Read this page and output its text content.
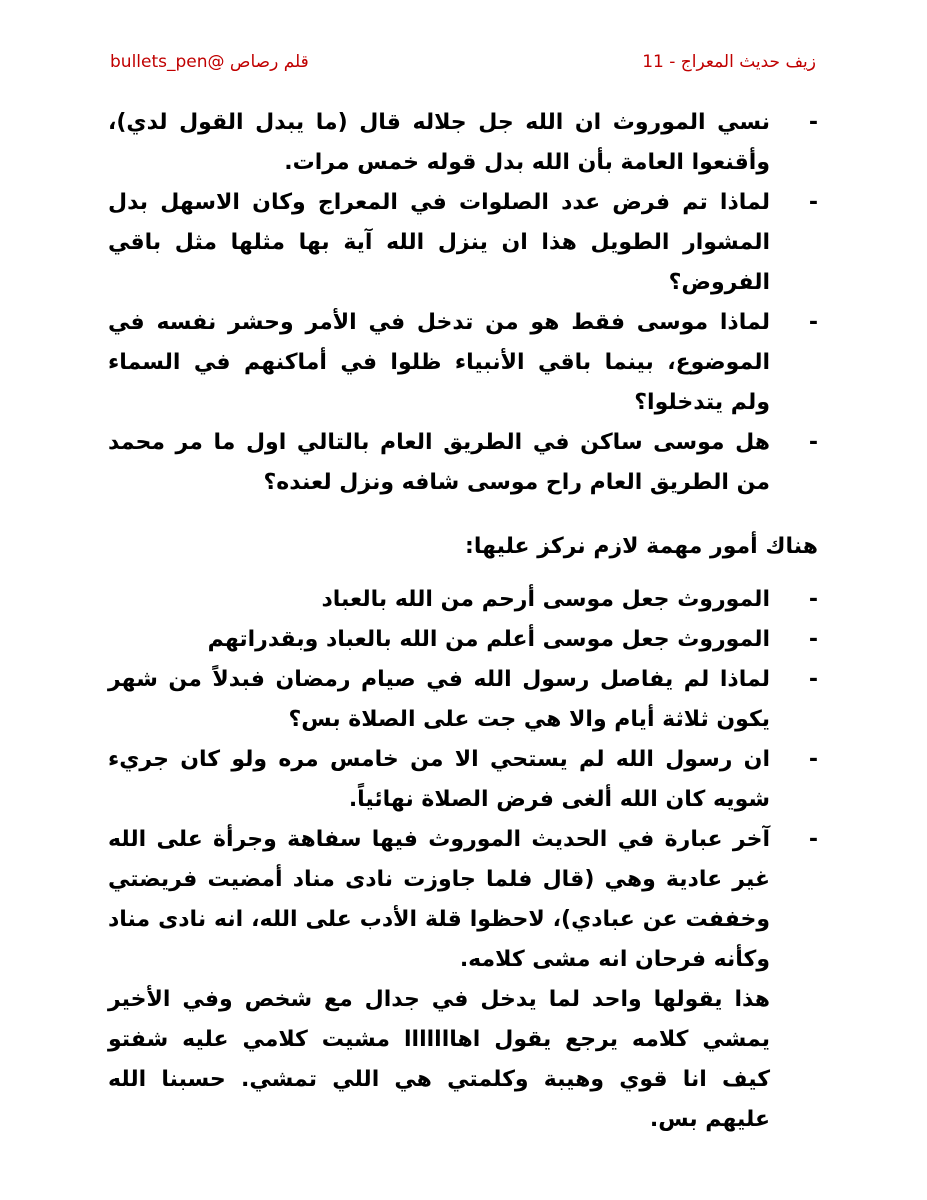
زيف حديث المعراج - 11
قلم رصاص @bullets_pen
-
نسي الموروث ان الله جل جلاله قال (ما يبدل القول لدي)، وأقنعوا العامة بأن الله بدل قوله خمس مرات.
-
لماذا تم فرض عدد الصلوات في المعراج وكان الاسهل بدل المشوار الطويل هذا ان ينزل الله آية بها مثلها مثل باقي الفروض؟
-
لماذا موسى فقط هو من تدخل في الأمر وحشر نفسه في الموضوع، بينما باقي الأنبياء ظلوا في أماكنهم في السماء ولم يتدخلوا؟
-
هل موسى ساكن في الطريق العام بالتالي اول ما مر محمد من الطريق العام راح موسى شافه ونزل لعنده؟
هناك أمور مهمة لازم نركز عليها:
-
الموروث جعل موسى أرحم من الله بالعباد
-
الموروث جعل موسى أعلم من الله بالعباد وبقدراتهم
-
لماذا لم يفاصل رسول الله في صيام رمضان فبدلاً من شهر يكون ثلاثة أيام والا هي جت على الصلاة بس؟
-
ان رسول الله لم يستحي الا من خامس مره ولو كان جريء شويه كان الله ألغى فرض الصلاة نهائياً.
-
آخر عبارة في الحديث الموروث فيها سفاهة وجرأة على الله غير عادية وهي (قال فلما جاوزت نادى مناد أمضيت فريضتي وخففت عن عبادي)، لاحظوا قلة الأدب على الله، انه نادى مناد وكأنه فرحان انه مشى كلامه.

هذا يقولها واحد لما يدخل في جدال مع شخص وفي الأخير يمشي كلامه يرجع يقول اهااااااا مشيت كلامي عليه شفتو كيف انا قوي وهيبة وكلمتي هي اللي تمشي. حسبنا الله عليهم بس.
